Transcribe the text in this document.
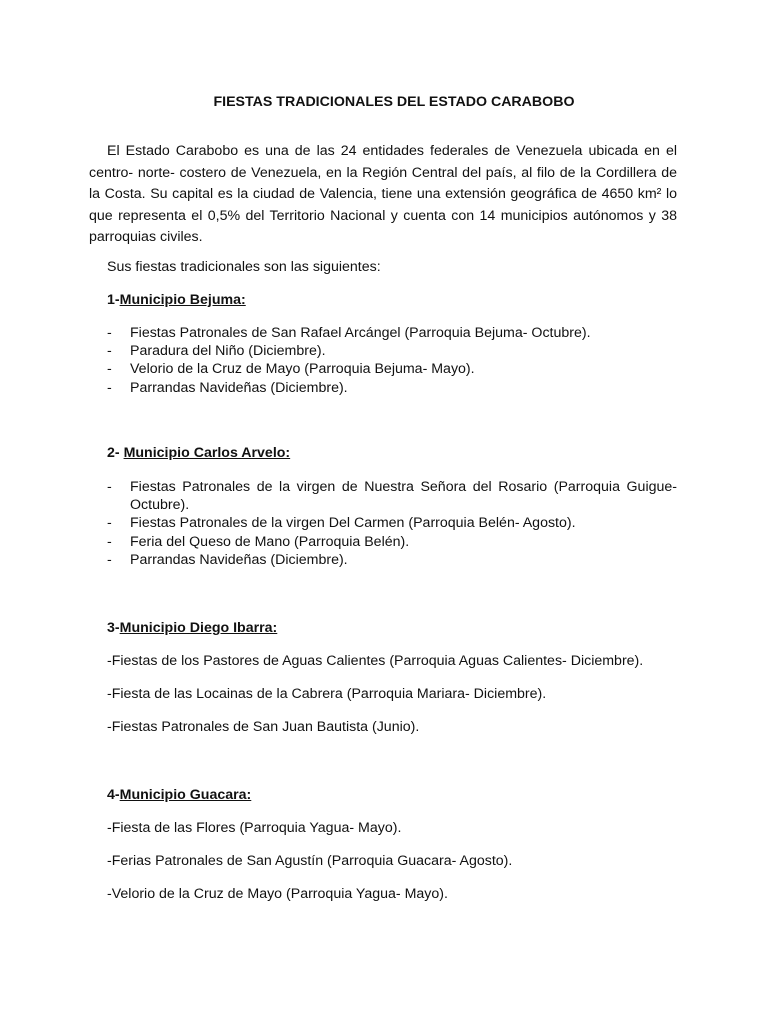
FIESTAS TRADICIONALES DEL ESTADO CARABOBO

El Estado Carabobo es una de las 24 entidades federales de Venezuela ubicada en el centro- norte- costero de Venezuela, en la Región Central del país, al filo de la Cordillera de la Costa. Su capital es la ciudad de Valencia, tiene una extensión geográfica de 4650 km² lo que representa el 0,5% del Territorio Nacional y cuenta con 14 municipios autónomos y 38 parroquias civiles.

Sus fiestas tradicionales son las siguientes:

1-Municipio Bejuma:

- Fiestas Patronales de San Rafael Arcángel (Parroquia Bejuma- Octubre).
- Paradura del Niño (Diciembre).
- Velorio de la Cruz de Mayo (Parroquia Bejuma- Mayo).
- Parrandas Navideñas (Diciembre).

2- Municipio Carlos Arvelo:

- Fiestas Patronales de la virgen de Nuestra Señora del Rosario (Parroquia Guigue- Octubre).
- Fiestas Patronales de la virgen Del Carmen (Parroquia Belén- Agosto).
- Feria del Queso de Mano (Parroquia Belén).
- Parrandas Navideñas (Diciembre).

3-Municipio Diego Ibarra:

-Fiestas de los Pastores de Aguas Calientes (Parroquia Aguas Calientes- Diciembre).

-Fiesta de las Locainas de la Cabrera (Parroquia Mariara- Diciembre).

-Fiestas Patronales de San Juan Bautista (Junio).

4-Municipio Guacara:

-Fiesta de las Flores (Parroquia Yagua- Mayo).

-Ferias Patronales de San Agustín (Parroquia Guacara- Agosto).

-Velorio de la Cruz de Mayo (Parroquia Yagua- Mayo).
